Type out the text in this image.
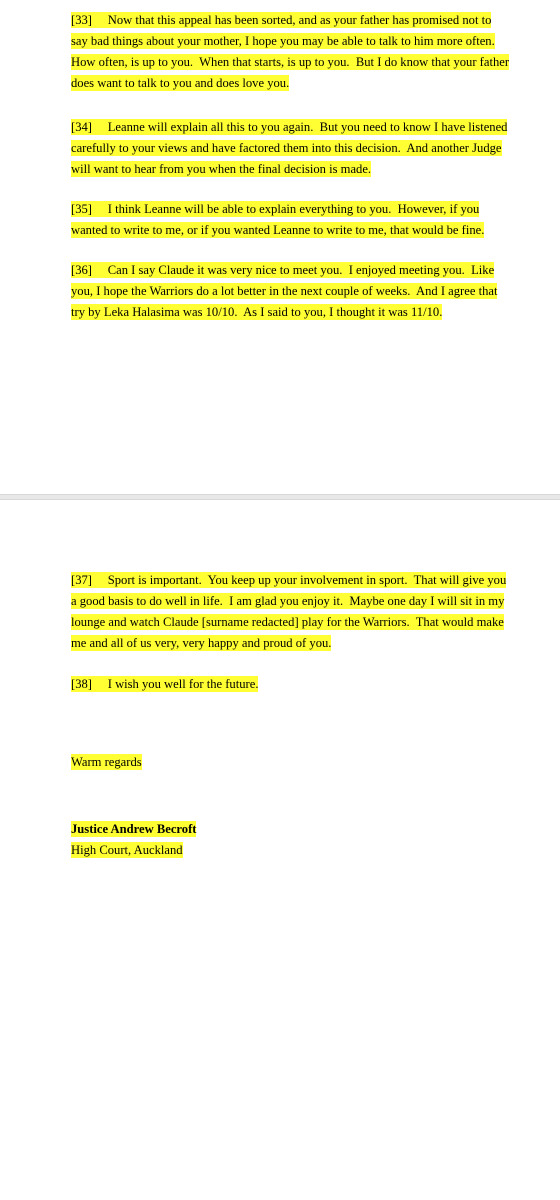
[33]     Now that this appeal has been sorted, and as your father has promised not to
say bad things about your mother, I hope you may be able to talk to him more often.
How often, is up to you.  When that starts, is up to you.  But I do know that your father
does want to talk to you and does love you.
[34]     Leanne will explain all this to you again.  But you need to know I have listened
carefully to your views and have factored them into this decision.  And another Judge
will want to hear from you when the final decision is made.
[35]     I think Leanne will be able to explain everything to you.  However, if you
wanted to write to me, or if you wanted Leanne to write to me, that would be fine.
[36]     Can I say Claude it was very nice to meet you.  I enjoyed meeting you.  Like
you, I hope the Warriors do a lot better in the next couple of weeks.  And I agree that
try by Leka Halasima was 10/10.  As I said to you, I thought it was 11/10.
[37]     Sport is important.  You keep up your involvement in sport.  That will give you
a good basis to do well in life.  I am glad you enjoy it.  Maybe one day I will sit in my
lounge and watch Claude [surname redacted] play for the Warriors.  That would make
me and all of us very, very happy and proud of you.
[38]     I wish you well for the future.
Warm regards
Justice Andrew Becroft
High Court, Auckland
